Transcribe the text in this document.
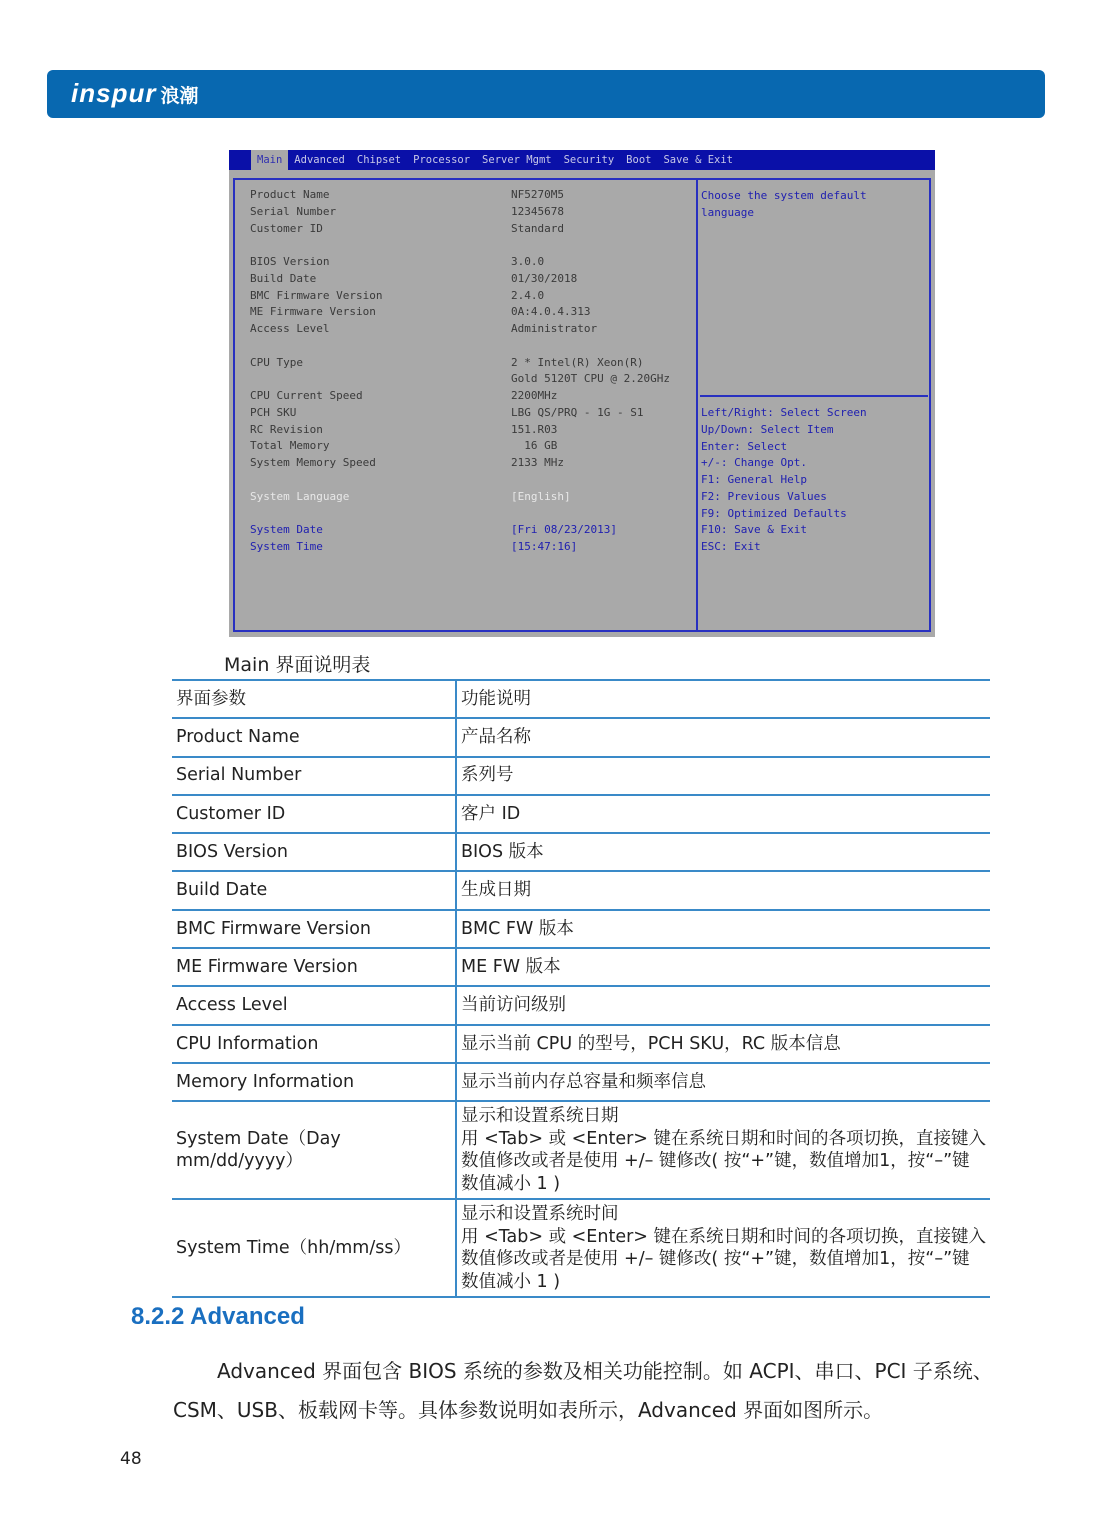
inspur 浪潮
Main	Advanced	Chipset	Processor	Server Mgmt	Security	Boot	Save & Exit
Product Name	NF5270M5
Serial Number	12345678
Customer ID	Standard
BIOS Version	3.0.0
Build Date	01/30/2018
BMC Firmware Version	2.4.0
ME Firmware Version	0A:4.0.4.313
Access Level	Administrator
CPU Type	2 * Intel(R) Xeon(R)
Gold 5120T CPU @ 2.20GHz
CPU Current Speed	2200MHz
PCH SKU	LBG QS/PRQ - 1G - S1
RC Revision	151.R03
Total Memory	16 GB
System Memory Speed	2133 MHz
System Language	[English]
System Date	[Fri 08/23/2013]
System Time	[15:47:16]
Choose the system default language
Left/Right: Select Screen
Up/Down: Select Item
Enter: Select
+/-: Change Opt.
F1: General Help
F2: Previous Values
F9: Optimized Defaults
F10: Save & Exit
ESC: Exit
Main 界面说明表
界面参数	功能说明
Product Name	产品名称
Serial Number	系列号
Customer ID	客户 ID
BIOS Version	BIOS 版本
Build Date	生成日期
BMC Firmware Version	BMC FW 版本
ME Firmware Version	ME FW 版本
Access Level	当前访问级别
CPU Information	显示当前 CPU 的型号，PCH SKU，RC 版本信息
Memory Information	显示当前内存总容量和频率信息
System Date（Day mm/dd/yyyy）	显示和设置系统日期
用 <Tab> 或 <Enter> 键在系统日期和时间的各项切换，直接键入数值修改或者是使用 +/– 键修改( 按“+”键，数值增加1，按“–”键数值减小 1 )

System Time（hh/mm/ss）	显示和设置系统时间
用 <Tab> 或 <Enter> 键在系统日期和时间的各项切换，直接键入数值修改或者是使用 +/– 键修改( 按“+”键，数值增加1，按“–”键数值减小 1 )
8.2.2 Advanced
Advanced 界面包含 BIOS 系统的参数及相关功能控制。如 ACPI、串口、PCI 子系统、CSM、USB、板载网卡等。具体参数说明如表所示，Advanced 界面如图所示。
48
